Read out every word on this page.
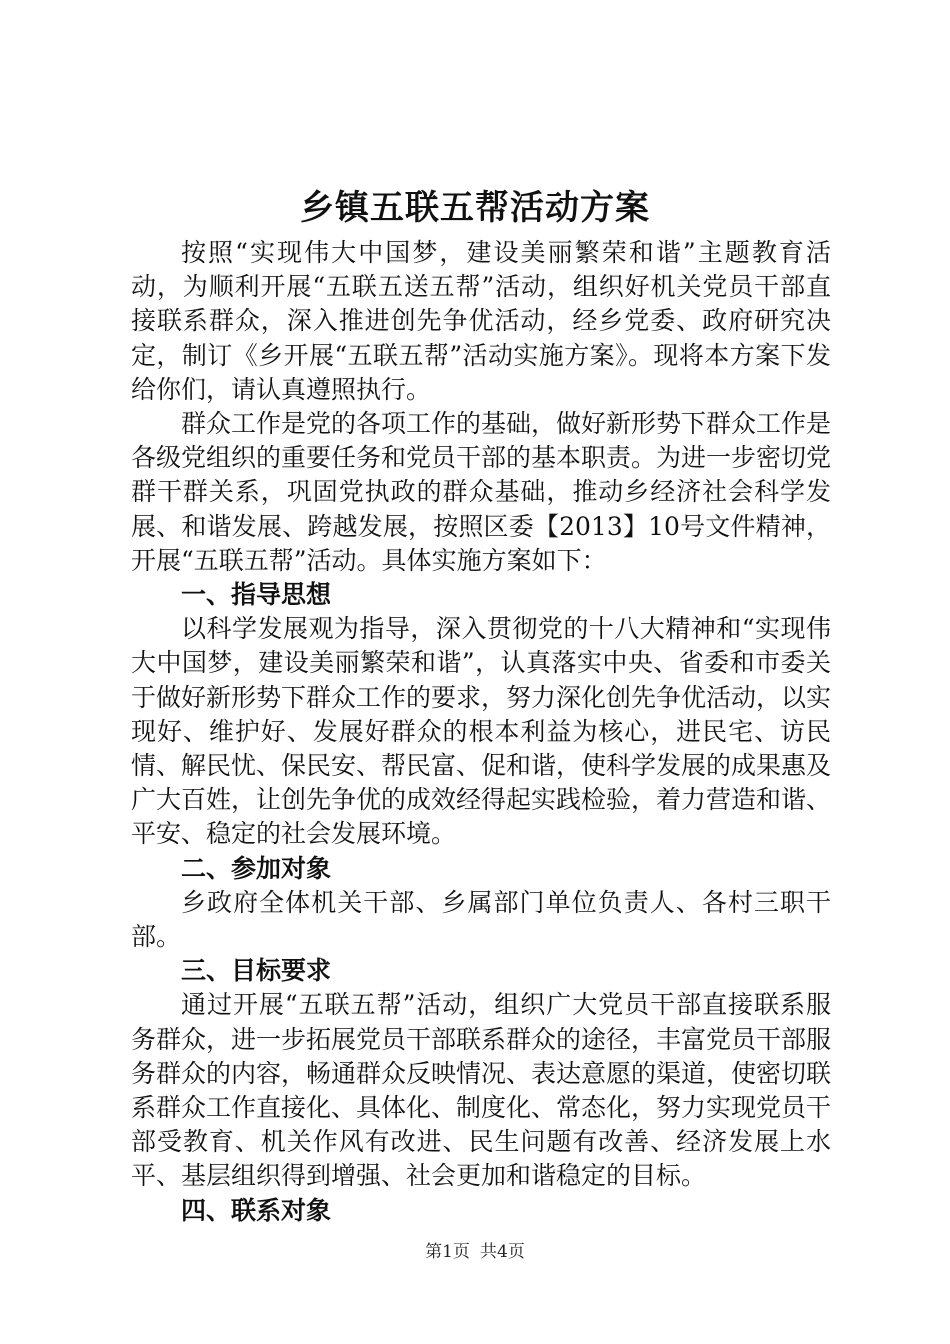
乡镇五联五帮活动方案

按照“实现伟大中国梦，建设美丽繁荣和谐”主题教育活动，为顺利开展“五联五送五帮”活动，组织好机关党员干部直接联系群众，深入推进创先争优活动，经乡党委、政府研究决定，制订《乡开展“五联五帮”活动实施方案》。现将本方案下发给你们，请认真遵照执行。

群众工作是党的各项工作的基础，做好新形势下群众工作是各级党组织的重要任务和党员干部的基本职责。为进一步密切党群干群关系，巩固党执政的群众基础，推动乡经济社会科学发展、和谐发展、跨越发展，按照区委【2013】10号文件精神，开展“五联五帮”活动。具体实施方案如下：

一、指导思想

以科学发展观为指导，深入贯彻党的十八大精神和“实现伟大中国梦，建设美丽繁荣和谐”，认真落实中央、省委和市委关于做好新形势下群众工作的要求，努力深化创先争优活动，以实现好、维护好、发展好群众的根本利益为核心，进民宅、访民情、解民忧、保民安、帮民富、促和谐，使科学发展的成果惠及广大百姓，让创先争优的成效经得起实践检验，着力营造和谐、平安、稳定的社会发展环境。

二、参加对象

乡政府全体机关干部、乡属部门单位负责人、各村三职干部。

三、目标要求

通过开展“五联五帮”活动，组织广大党员干部直接联系服务群众，进一步拓展党员干部联系群众的途径，丰富党员干部服务群众的内容，畅通群众反映情况、表达意愿的渠道，使密切联系群众工作直接化、具体化、制度化、常态化，努力实现党员干部受教育、机关作风有改进、民生问题有改善、经济发展上水平、基层组织得到增强、社会更加和谐稳定的目标。

四、联系对象

第1页 共4页
